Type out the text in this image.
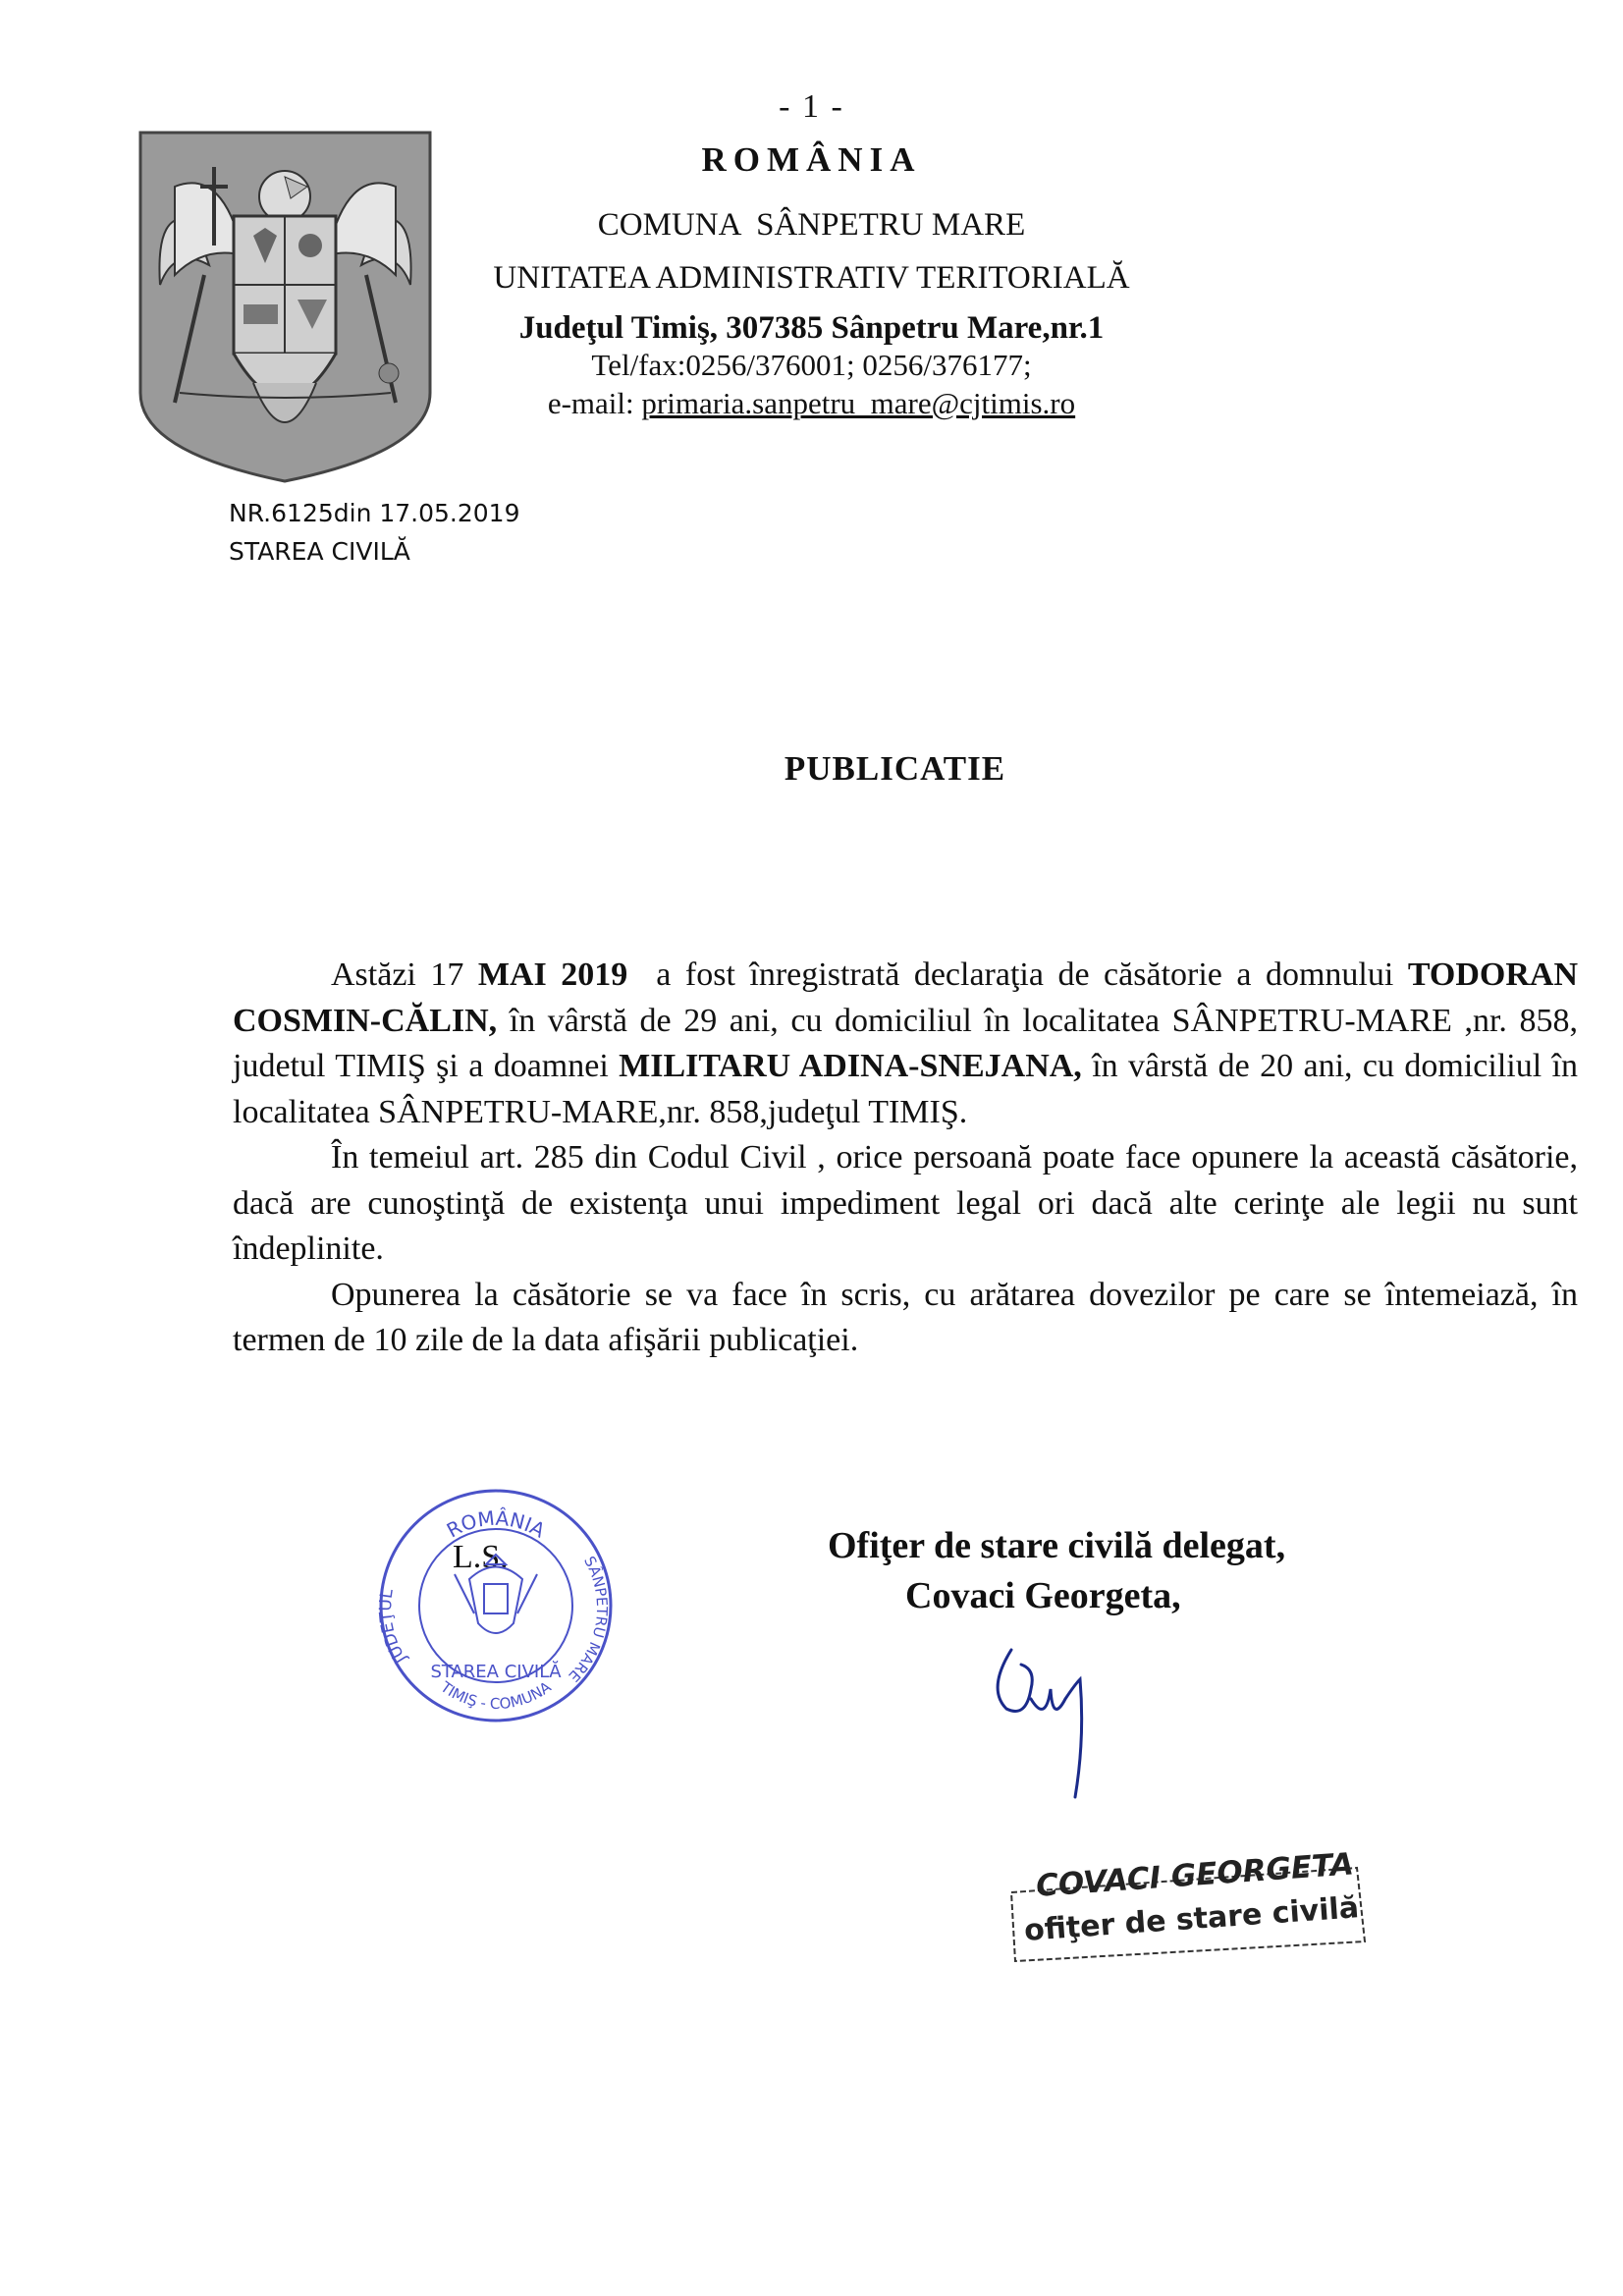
- 1 -
ROMÂNIA
COMUNA  SÂNPETRU MARE
UNITATEA ADMINISTRATIV TERITORIALĂ
Judeţul Timiş, 307385 Sânpetru Mare,nr.1
Tel/fax:0256/376001; 0256/376177;
e-mail: primaria.sanpetru_mare@cjtimis.ro
NR.6125din 17.05.2019
STAREA CIVILĂ
PUBLICATIE

Astăzi 17 MAI 2019  a fost înregistrată declaraţia de căsătorie a domnului TODORAN COSMIN-CĂLIN, în vârstă de 29 ani, cu domiciliul în localitatea SÂNPETRU-MARE ,nr. 858, judetul TIMIŞ şi a doamnei MILITARU ADINA-SNEJANA, în vârstă de 20 ani, cu domiciliul în localitatea SÂNPETRU-MARE,nr. 858,judeţul TIMIŞ.

În temeiul art. 285 din Codul Civil , orice persoană poate face opunere la această căsătorie, dacă are cunoştinţă de existenţa unui impediment legal ori dacă alte cerinţe ale legii nu sunt îndeplinite.

Opunerea la căsătorie se va face în scris, cu arătarea dovezilor pe care se întemeiază, în termen de 10 zile de la data afişării publicaţiei.

ROMÂNIA
JUDEŢUL
SÂNPETRU MARE
TIMIŞ - COMUNA
STAREA CIVILĂ
L.S.	Ofiţer de stare civilă delegat,
Covaci Georgeta,
COVACI GEORGETA
ofiţer de stare civilă
